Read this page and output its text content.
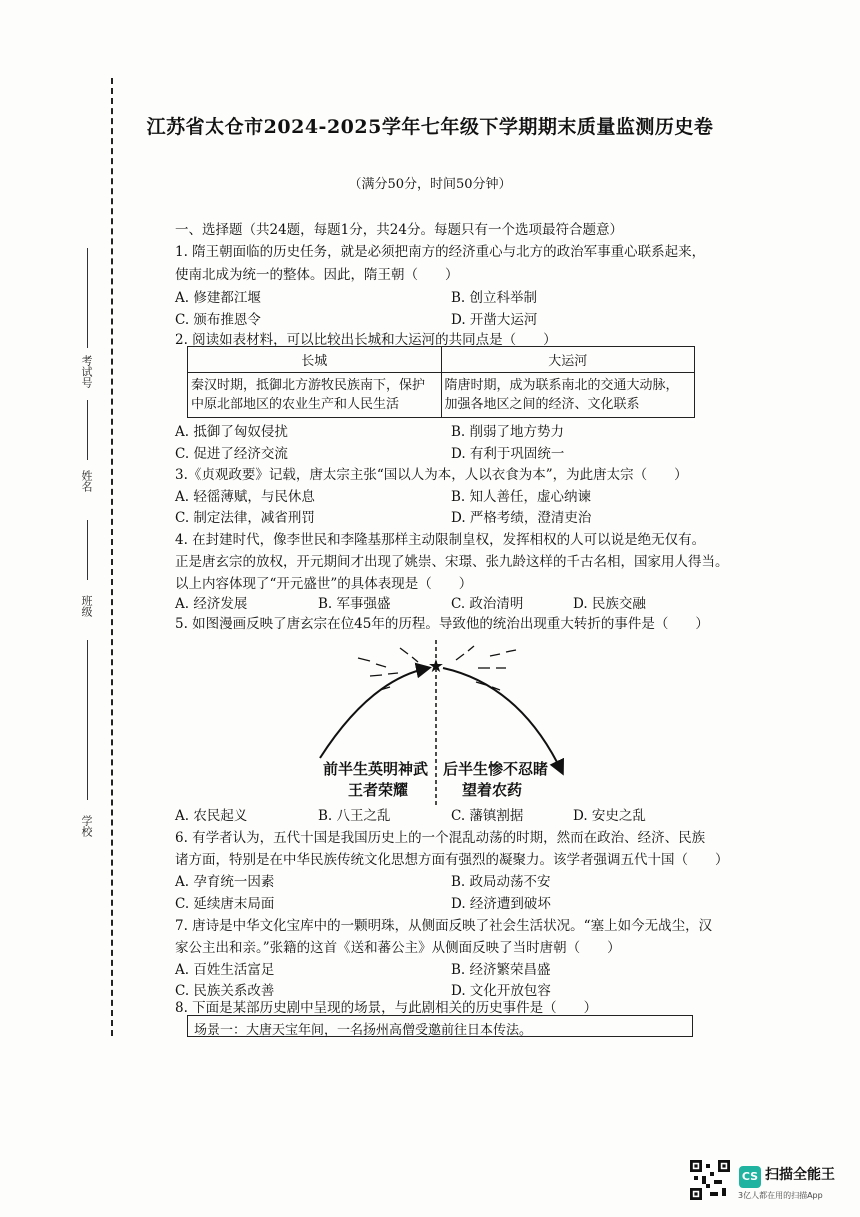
考试号
姓名
班级
学校
江苏省太仓市2024-2025学年七年级下学期期末质量监测历史卷
（满分50分，时间50分钟）
一、选择题（共24题，每题1分，共24分。每题只有一个选项最符合题意）
1. 隋王朝面临的历史任务，就是必须把南方的经济重心与北方的政治军事重心联系起来，
使南北成为统一的整体。因此，隋王朝（　　）
A. 修建都江堰	B. 创立科举制
C. 颁布推恩令	D. 开凿大运河
2. 阅读如表材料，可以比较出长城和大运河的共同点是（　　）
长城	大运河
秦汉时期，抵御北方游牧民族南下，保护中原北部地区的农业生产和人民生活	隋唐时期，成为联系南北的交通大动脉，加强各地区之间的经济、文化联系
A. 抵御了匈奴侵扰	B. 削弱了地方势力
C. 促进了经济交流	D. 有利于巩固统一
3.《贞观政要》记载，唐太宗主张“国以人为本，人以衣食为本”，为此唐太宗（　　）
A. 轻徭薄赋，与民休息	B. 知人善任，虚心纳谏
C. 制定法律，减省刑罚	D. 严格考绩，澄清吏治
4. 在封建时代，像李世民和李隆基那样主动限制皇权，发挥相权的人可以说是绝无仅有。
正是唐玄宗的放权，开元期间才出现了姚崇、宋璟、张九龄这样的千古名相，国家用人得当。
以上内容体现了“开元盛世”的具体表现是（　　）
A. 经济发展	B. 军事强盛	C. 政治清明	D. 民族交融
5. 如图漫画反映了唐玄宗在位45年的历程。导致他的统治出现重大转折的事件是（　　）
★
前半生英明神武
王者荣耀
后半生惨不忍睹
望着农药
A. 农民起义	B. 八王之乱	C. 藩镇割据	D. 安史之乱
6. 有学者认为，五代十国是我国历史上的一个混乱动荡的时期，然而在政治、经济、民族
诸方面，特别是在中华民族传统文化思想方面有强烈的凝聚力。该学者强调五代十国（　　）
A. 孕育统一因素	B. 政局动荡不安
C. 延续唐末局面	D. 经济遭到破坏
7. 唐诗是中华文化宝库中的一颗明珠，从侧面反映了社会生活状况。“塞上如今无战尘，汉
家公主出和亲。”张籍的这首《送和蕃公主》从侧面反映了当时唐朝（　　）
A. 百姓生活富足	B. 经济繁荣昌盛
C. 民族关系改善	D. 文化开放包容
8. 下面是某部历史剧中呈现的场景，与此剧相关的历史事件是（　　）
场景一：大唐天宝年间，一名扬州高僧受邀前往日本传法。
CS 扫描全能王
3亿人都在用的扫描App
